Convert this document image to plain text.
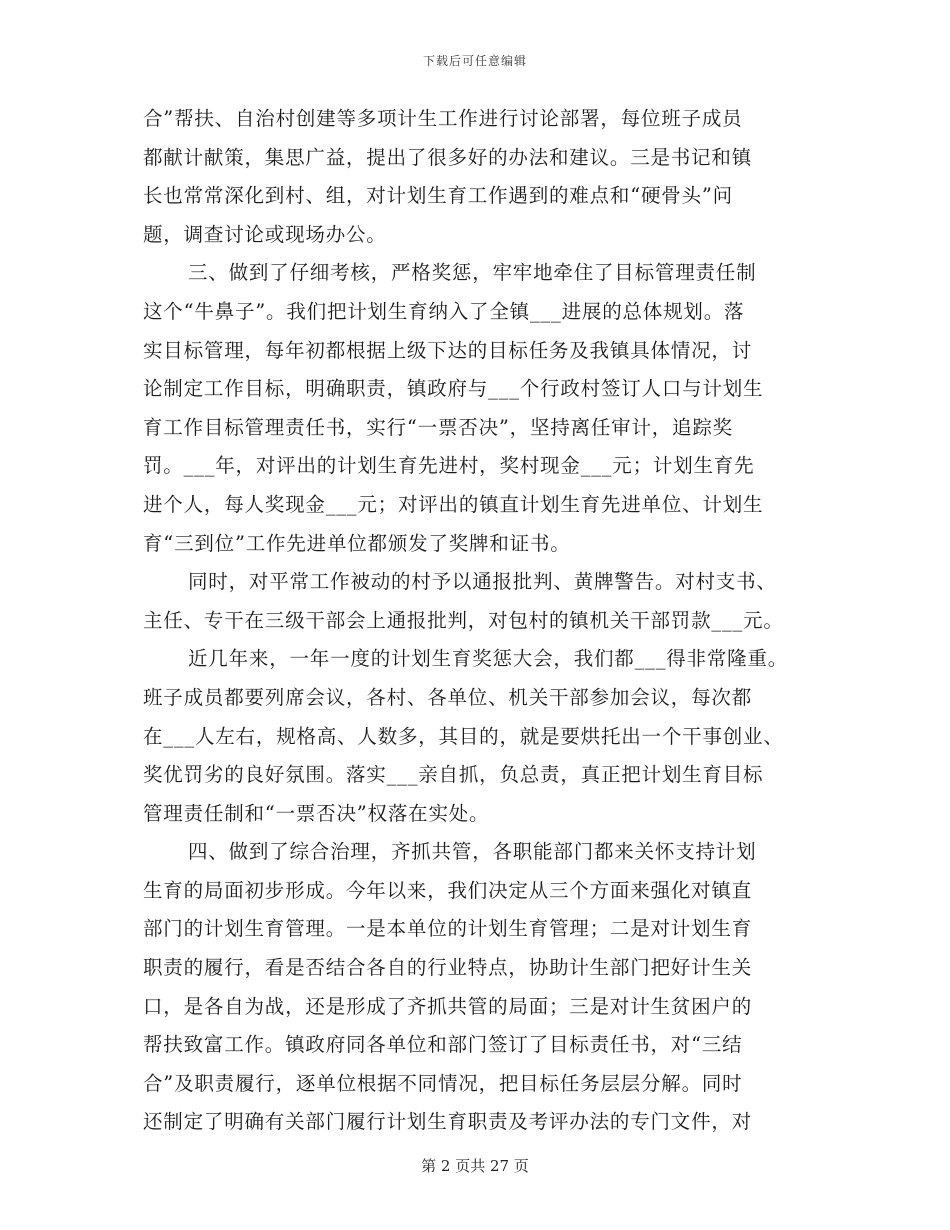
下载后可任意编辑
合”帮扶、自治村创建等多项计生工作进行讨论部署，每位班子成员
都献计献策，集思广益，提出了很多好的办法和建议。三是书记和镇
长也常常深化到村、组，对计划生育工作遇到的难点和“硬骨头”问
题，调查讨论或现场办公。
三、做到了仔细考核，严格奖惩，牢牢地牵住了目标管理责任制
这个“牛鼻子”。我们把计划生育纳入了全镇___进展的总体规划。落
实目标管理，每年初都根据上级下达的目标任务及我镇具体情况，讨
论制定工作目标，明确职责，镇政府与___个行政村签订人口与计划生
育工作目标管理责任书，实行“一票否决”，坚持离任审计，追踪奖
罚。___年，对评出的计划生育先进村，奖村现金___元；计划生育先
进个人，每人奖现金___元；对评出的镇直计划生育先进单位、计划生
育“三到位”工作先进单位都颁发了奖牌和证书。
同时，对平常工作被动的村予以通报批判、黄牌警告。对村支书、
主任、专干在三级干部会上通报批判，对包村的镇机关干部罚款___元。
近几年来，一年一度的计划生育奖惩大会，我们都___得非常隆重。
班子成员都要列席会议，各村、各单位、机关干部参加会议，每次都
在___人左右，规格高、人数多，其目的，就是要烘托出一个干事创业、
奖优罚劣的良好氛围。落实___亲自抓，负总责，真正把计划生育目标
管理责任制和“一票否决”权落在实处。
四、做到了综合治理，齐抓共管，各职能部门都来关怀支持计划
生育的局面初步形成。今年以来，我们决定从三个方面来强化对镇直
部门的计划生育管理。一是本单位的计划生育管理；二是对计划生育
职责的履行，看是否结合各自的行业特点，协助计生部门把好计生关
口，是各自为战，还是形成了齐抓共管的局面；三是对计生贫困户的
帮扶致富工作。镇政府同各单位和部门签订了目标责任书，对“三结
合”及职责履行，逐单位根据不同情况，把目标任务层层分解。同时
还制定了明确有关部门履行计划生育职责及考评办法的专门文件，对
第 2 页共 27 页
